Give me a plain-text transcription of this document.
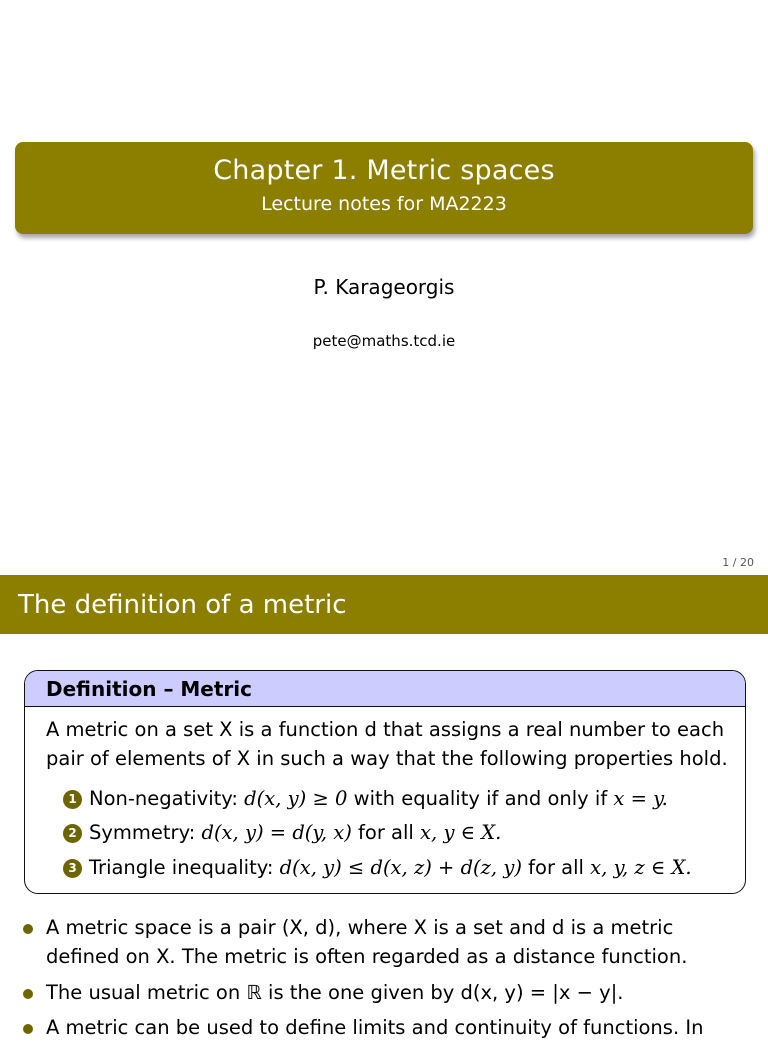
Chapter 1. Metric spaces
Lecture notes for MA2223
P. Karageorgis
pete@maths.tcd.ie
1 / 20
The definition of a metric
Definition – Metric
A metric on a set X is a function d that assigns a real number to each pair of elements of X in such a way that the following properties hold.
1 Non-negativity: d(x, y) ≥ 0 with equality if and only if x = y.
2 Symmetry: d(x, y) = d(y, x) for all x, y ∈ X.
3 Triangle inequality: d(x, y) ≤ d(x, z) + d(z, y) for all x, y, z ∈ X.
A metric space is a pair (X, d), where X is a set and d is a metric defined on X. The metric is often regarded as a distance function.
The usual metric on ℝ is the one given by d(x, y) = |x − y|.
A metric can be used to define limits and continuity of functions. In
